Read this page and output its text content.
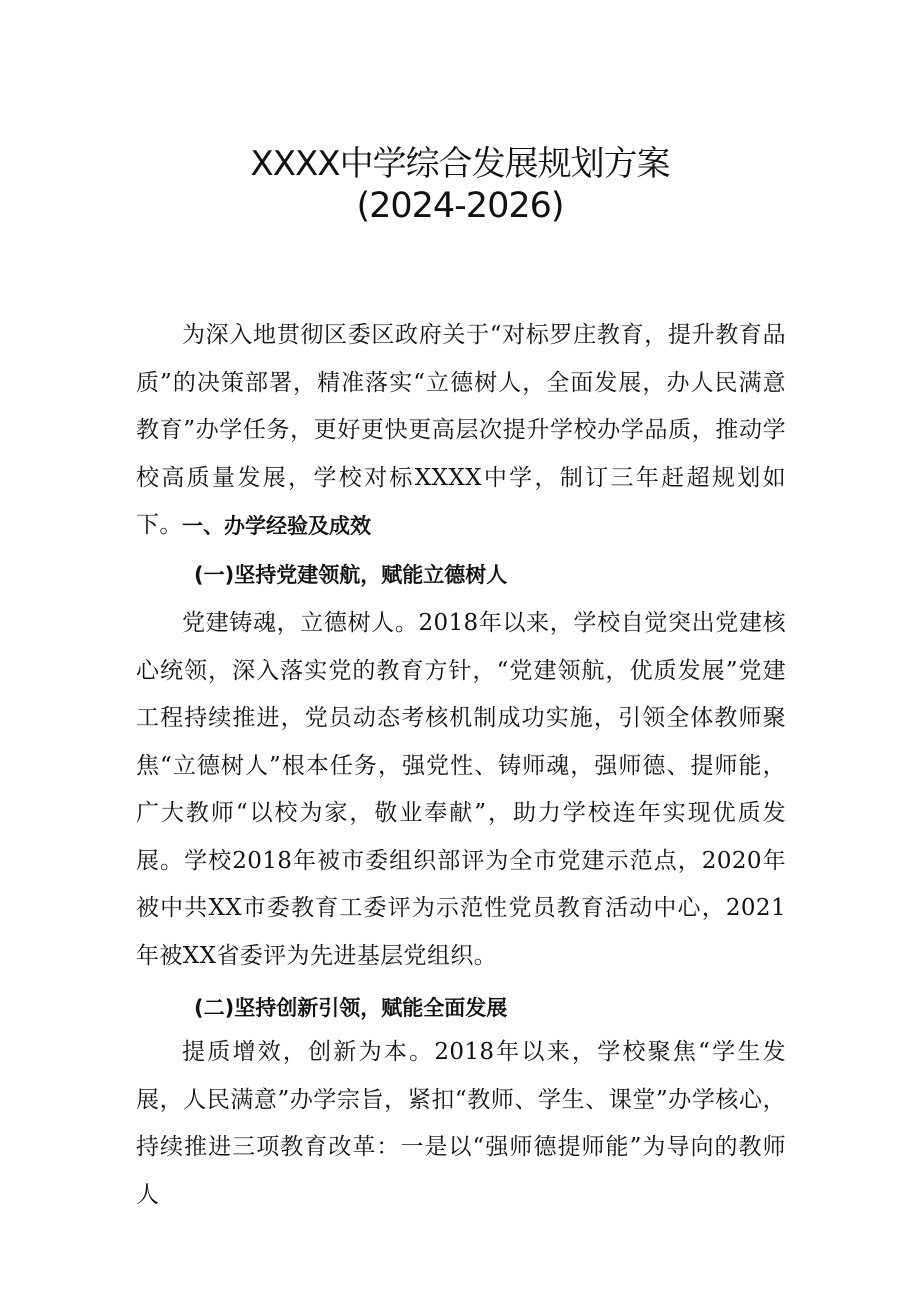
XXXX中学综合发展规划方案
(2024-2026)

为深入地贯彻区委区政府关于“对标罗庄教育，提升教育品质”的决策部署，精准落实“立德树人，全面发展，办人民满意教育”办学任务，更好更快更高层次提升学校办学品质，推动学校高质量发展，学校对标XXXX中学，制订三年赶超规划如下。 一、办学经验及成效
(一)坚持党建领航，赋能立德树人

党建铸魂，立德树人。2018年以来，学校自觉突出党建核心统领，深入落实党的教育方针，“党建领航，优质发展”党建工程持续推进，党员动态考核机制成功实施，引领全体教师聚焦“立德树人”根本任务，强党性、铸师魂，强师德、提师能，广大教师“以校为家，敬业奉献”，助力学校连年实现优质发展。学校2018年被市委组织部评为全市党建示范点，2020年被中共XX市委教育工委评为示范性党员教育活动中心，2021年被XX省委评为先进基层党组织。

(二)坚持创新引领，赋能全面发展

提质增效，创新为本。2018年以来，学校聚焦“学生发展，人民满意”办学宗旨，紧扣“教师、学生、课堂”办学核心，持续推进三项教育改革：一是以“强师德提师能”为导向的教师人
